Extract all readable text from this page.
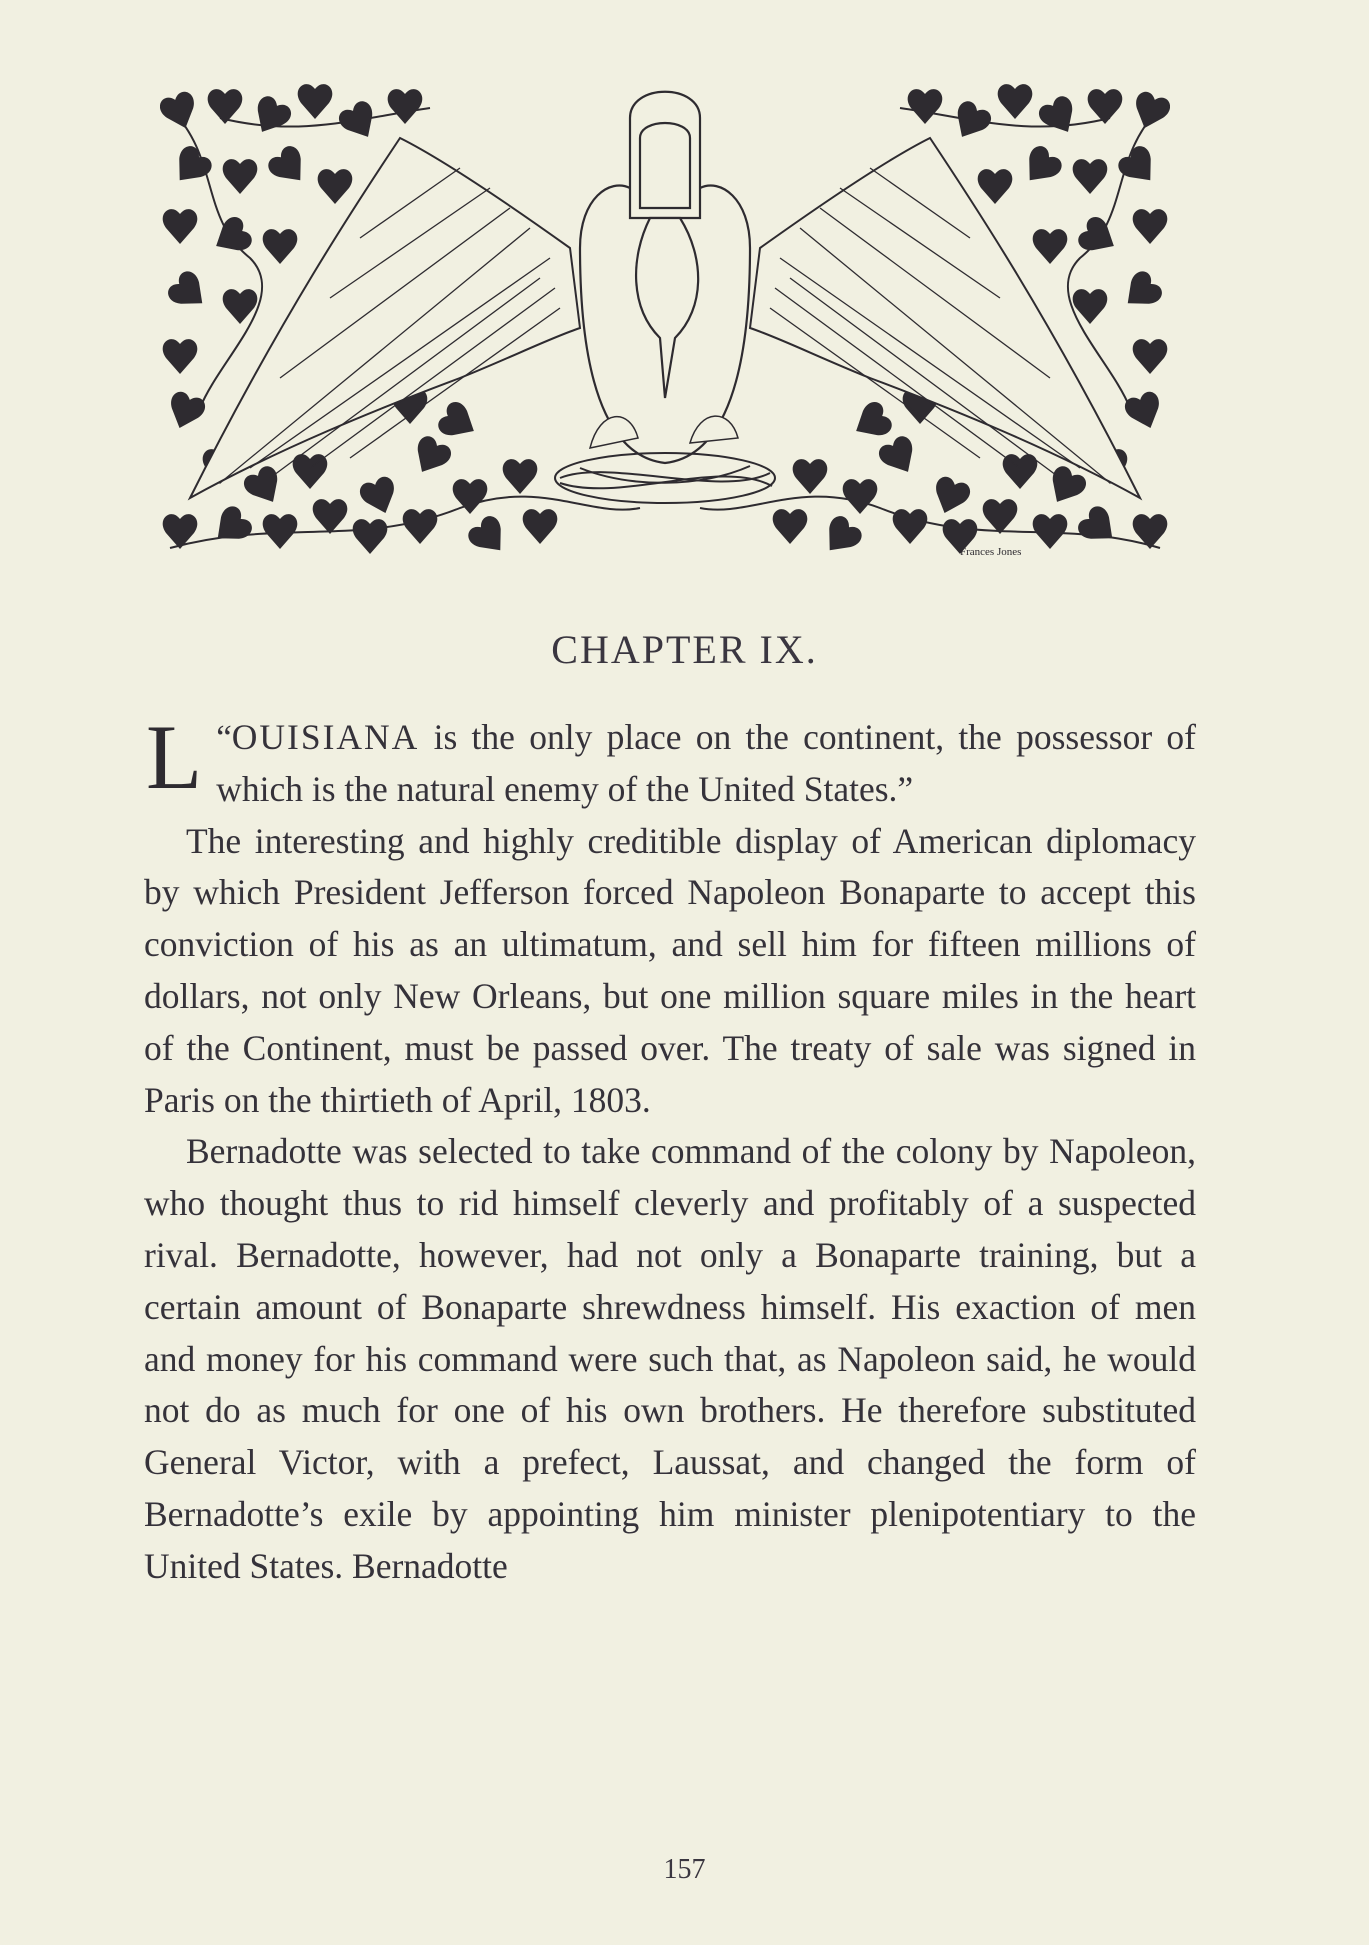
Frances Jones
CHAPTER IX.

“
L OUISIANA is the only place on the continent, the possessor of which is the natural enemy of the United States.”

The interesting and highly creditible display of American diplomacy by which President Jefferson forced Napoleon Bonaparte to accept this conviction of his as an ultimatum, and sell him for fifteen millions of dollars, not only New Orleans, but one million square miles in the heart of the Continent, must be passed over. The treaty of sale was signed in Paris on the thirtieth of April, 1803.

Bernadotte was selected to take command of the colony by Napoleon, who thought thus to rid himself cleverly and profitably of a suspected rival. Bernadotte, however, had not only a Bonaparte training, but a certain amount of Bonaparte shrewdness himself. His exaction of men and money for his command were such that, as Napoleon said, he would not do as much for one of his own brothers. He therefore substituted General Victor, with a prefect, Laussat, and changed the form of Bernadotte’s exile by appointing him minister plenipotentiary to the United States. Bernadotte

157
